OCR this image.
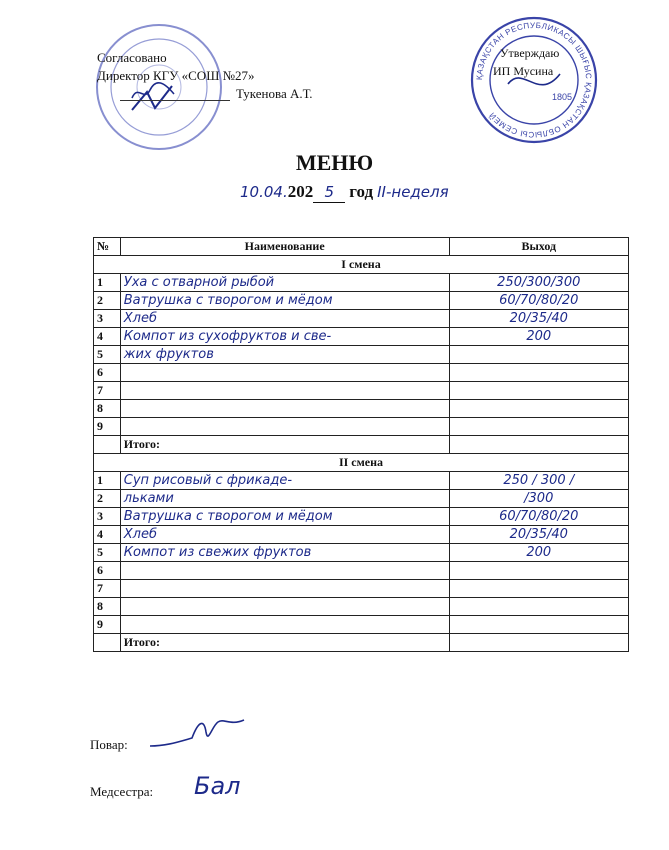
ҚАЗАҚСТАН РЕСПУБЛИКАСЫ ШЫҒЫС ҚАЗАҚСТАН ОБЛЫСЫ СЕМЕЙ
1805
Согласовано
Директор КГУ «СОШ №27»
Тукенова А.Т.
Утверждаю
ИП Мусина
МЕНЮ
10.04.202 5 год II-неделя
№	Наименование	Выход
I смена		
1	Уха с отварной рыбой	250/300/300
2	Ватрушка с творогом и мёдом	60/70/80/20
3	Хлеб	20/35/40
4	Компот из сухофруктов и све-	200
5	жих фруктов	
6		
7		
8		
9		
	Итого:	
II смена		
1	Суп рисовый с фрикаде-	250 / 300 /
2	льками	/300
3	Ватрушка с творогом и мёдом	60/70/80/20
4	Хлеб	20/35/40
5	Компот из свежих фруктов	200
6		
7		
8		
9		
	Итого:	
Повар:
Медсестра: Бал
